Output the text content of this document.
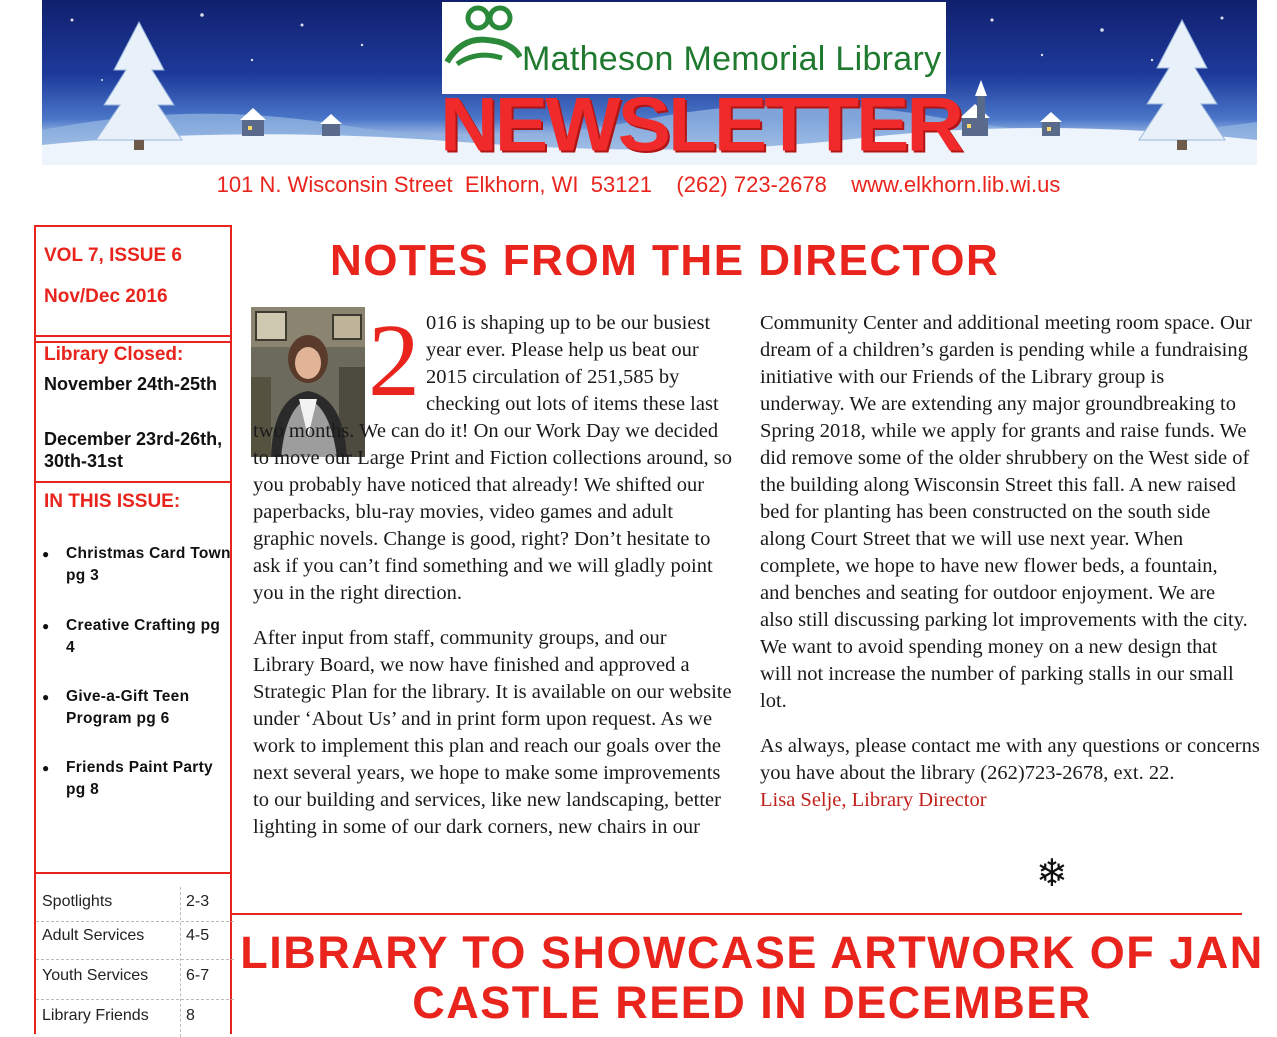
Matheson Memorial Library
NEWSLETTER
101 N. Wisconsin Street  Elkhorn, WI  53121    (262) 723-2678    www.elkhorn.lib.wi.us
VOL 7, ISSUE 6
Nov/Dec 2016
Library Closed:
November 24th-25th
December 23rd-26th, 30th-31st
IN THIS ISSUE:
● Christmas Card Town pg 3
● Creative Crafting pg 4
● Give-a-Gift Teen Program pg 6
● Friends Paint Party pg 8
Spotlights	2-3
Adult Services	4-5
Youth Services 6-7
Library Friends 8
NOTES FROM THE DIRECTOR

2 016 is shaping up to be our busiest year ever. Please help us beat our 2015 circulation of 251,585 by checking out lots of items these last two months. We can do it! On our Work Day we decided to move our Large Print and Fiction collections around, so you probably have noticed that already! We shifted our paperbacks, blu-ray movies, video games and adult graphic novels. Change is good, right? Don’t hesitate to ask if you can’t find something and we will gladly point you in the right direction.

After input from staff, community groups, and our Library Board, we now have finished and approved a Strategic Plan for the library. It is available on our website under ‘About Us’ and in print form upon request. As we work to implement this plan and reach our goals over the next several years, we hope to make some improvements to our building and services, like new landscaping, better lighting in some of our dark corners, new chairs in our

Community Center and additional meeting room space. Our dream of a children’s garden is pending while a fundraising initiative with our Friends of the Library group is underway. We are extending any major groundbreaking to Spring 2018, while we apply for grants and raise funds. We did remove some of the older shrubbery on the West side of the building along Wisconsin Street this fall. A new raised bed for planting has been constructed on the south side along Court Street that we will use next year. When complete, we hope to have new flower beds, a fountain, and benches and seating for outdoor enjoyment. We are also still discussing parking lot improvements with the city. We want to avoid spending money on a new design that will not increase the number of parking stalls in our small lot.

As always, please contact me with any questions or concerns you have about the library (262)723-2678, ext. 22.
Lisa Selje, Library Director

❄
LIBRARY TO SHOWCASE ARTWORK OF JAN CASTLE REED IN DECEMBER
